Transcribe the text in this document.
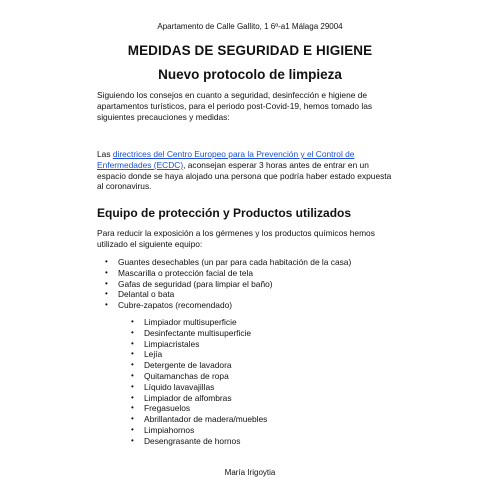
Apartamento de Calle Gallito, 1 6º-a1 Málaga 29004
MEDIDAS DE SEGURIDAD E HIGIENE
Nuevo protocolo de limpieza
Siguiendo los consejos en cuanto a seguridad, desinfección e higiene de apartamentos turísticos, para el periodo post-Covid-19, hemos tomado las siguientes precauciones y medidas:
Las directrices del Centro Europeo para la Prevención y el Control de Enfermedades (ECDC), aconsejan esperar 3 horas antes de entrar en un espacio donde se haya alojado una persona que podría haber estado expuesta al coronavirus.
Equipo de protección y Productos utilizados
Para reducir la exposición a los gérmenes y los productos químicos hemos utilizado el siguiente equipo:
• Guantes desechables (un par para cada habitación de la casa)
• Mascarilla o protección facial de tela
• Gafas de seguridad (para limpiar el baño)
• Delantal o bata
• Cubre-zapatos (recomendado)
• Limpiador multisuperficie
• Desinfectante multisuperficie
• Limpiacristales
• Lejía
• Detergente de lavadora
• Quitamanchas de ropa
• Líquido lavavajillas
• Limpiador de alfombras
• Fregasuelos
• Abrillantador de madera/muebles
• Limpiahornos
• Desengrasante de hornos
María Irigoytia
